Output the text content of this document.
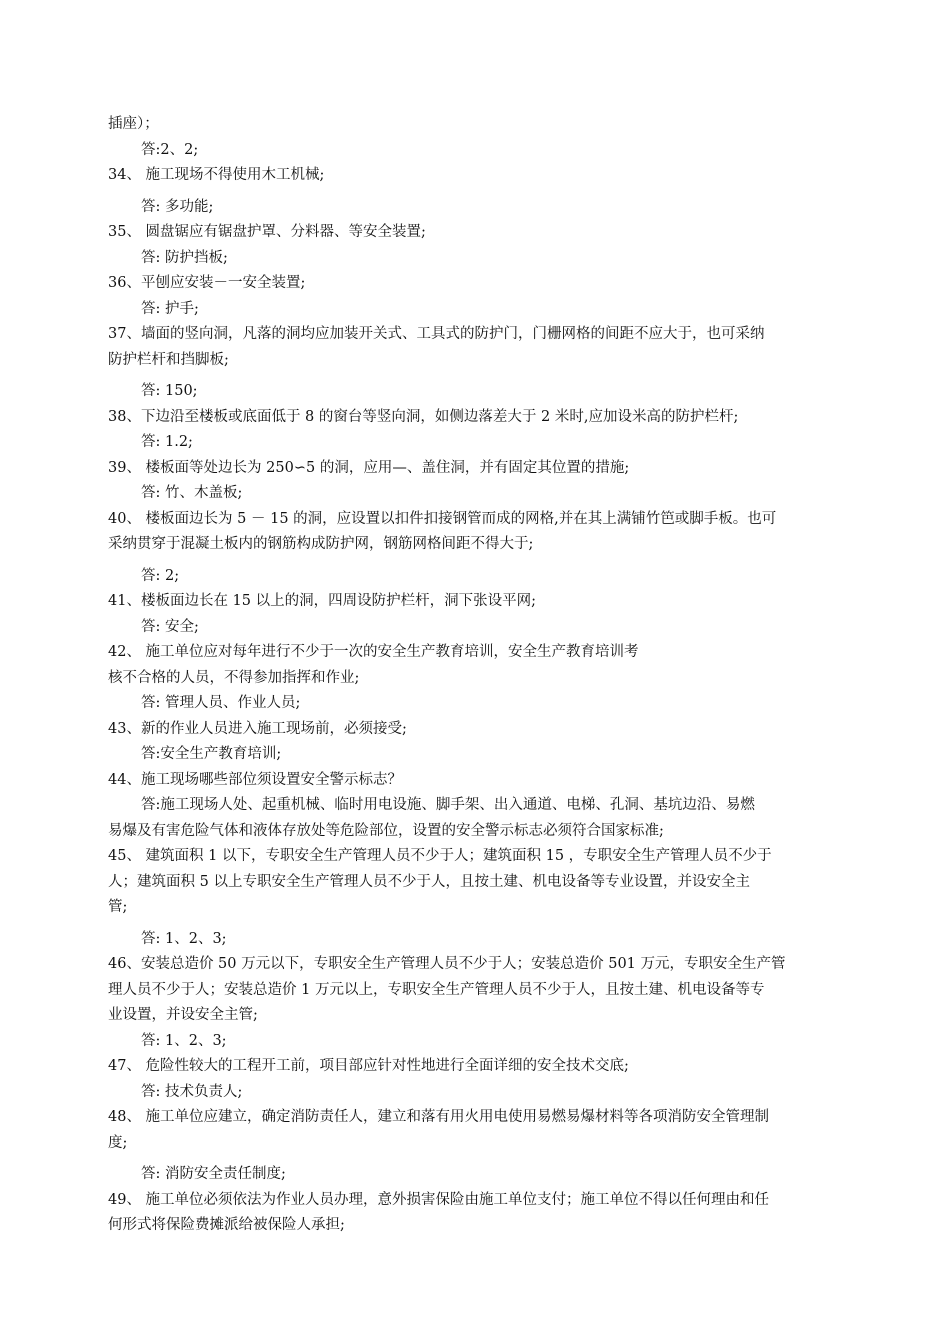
插座）；

答:2、2;

34、 施工现场不得使用木工机械;

答: 多功能;

35、 圆盘锯应有锯盘护罩、分料器、等安全装置;

答: 防护挡板;

36、平刨应安装－一安全装置;

答: 护手;

37、墙面的竖向洞，凡落的洞均应加装开关式、工具式的防护门，门栅网格的间距不应大于，也可采纳

防护栏杆和挡脚板;

答: 150;

38、下边沿至楼板或底面低于 8 的窗台等竖向洞，如侧边落差大于 2 米时,应加设米高的防护栏杆;

答: 1.2;

39、 楼板面等处边长为 250∽5 的洞，应用—、盖住洞，并有固定其位置的措施;

答: 竹、木盖板;

40、 楼板面边长为 5 － 15 的洞，应设置以扣件扣接钢管而成的网格,并在其上满铺竹笆或脚手板。也可

采纳贯穿于混凝土板内的钢筋构成防护网，钢筋网格间距不得大于;

答: 2;

41、楼板面边长在 15 以上的洞，四周设防护栏杆，洞下张设平网;

答: 安全;

42、 施工单位应对每年进行不少于一次的安全生产教育培训，安全生产教育培训考

核不合格的人员，不得参加指挥和作业;

答: 管理人员、作业人员;

43、新的作业人员进入施工现场前，必须接受;

答:安全生产教育培训;

44、施工现场哪些部位须设置安全警示标志？

答:施工现场人处、起重机械、临时用电设施、脚手架、出入通道、电梯、孔洞、基坑边沿、易燃

易爆及有害危险气体和液体存放处等危险部位，设置的安全警示标志必须符合国家标准;

45、 建筑面积 1 以下，专职安全生产管理人员不少于人；建筑面积 15 ，专职安全生产管理人员不少于

人；建筑面积 5 以上专职安全生产管理人员不少于人，且按土建、机电设备等专业设置，并设安全主

管;

答: 1、2、3;

46、安装总造价 50 万元以下，专职安全生产管理人员不少于人；安装总造价 501 万元，专职安全生产管

理人员不少于人；安装总造价 1 万元以上，专职安全生产管理人员不少于人，且按土建、机电设备等专

业设置，并设安全主管;

答: 1、2、3;

47、 危险性较大的工程开工前，项目部应针对性地进行全面详细的安全技术交底;

答: 技术负责人;

48、 施工单位应建立，确定消防责任人，建立和落有用火用电使用易燃易爆材料等各项消防安全管理制

度;

答: 消防安全责任制度;

49、 施工单位必须依法为作业人员办理，意外损害保险由施工单位支付；施工单位不得以任何理由和任

何形式将保险费摊派给被保险人承担;
